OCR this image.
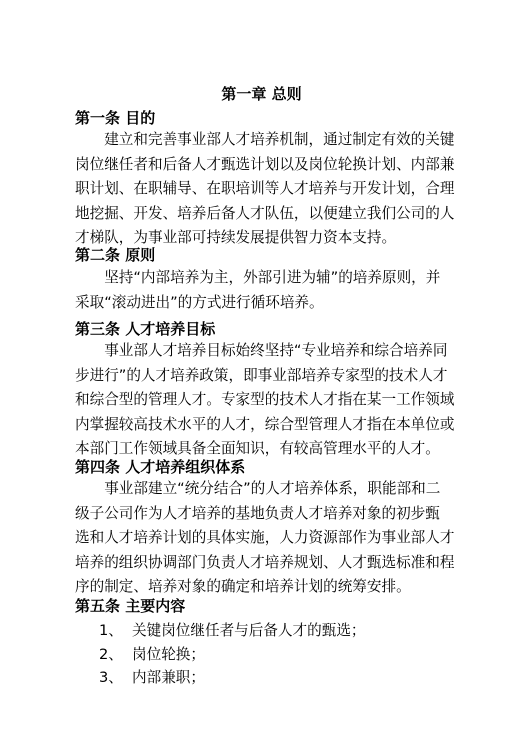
第一章 总则
第一条 目的
　　建立和完善事业部人才培养机制，通过制定有效的关键
岗位继任者和后备人才甄选计划以及岗位轮换计划、内部兼
职计划、在职辅导、在职培训等人才培养与开发计划，合理
地挖掘、开发、培养后备人才队伍，以便建立我们公司的人
才梯队，为事业部可持续发展提供智力资本支持。
第二条 原则
　　坚持“内部培养为主，外部引进为辅”的培养原则，并
采取“滚动进出”的方式进行循环培养。
第三条 人才培养目标
　　事业部人才培养目标始终坚持“专业培养和综合培养同
步进行”的人才培养政策，即事业部培养专家型的技术人才
和综合型的管理人才。专家型的技术人才指在某一工作领域
内掌握较高技术水平的人才，综合型管理人才指在本单位或
本部门工作领域具备全面知识，有较高管理水平的人才。
第四条 人才培养组织体系
　　事业部建立“统分结合”的人才培养体系，职能部和二
级子公司作为人才培养的基地负责人才培养对象的初步甄
选和人才培养计划的具体实施，人力资源部作为事业部人才
培养的组织协调部门负责人才培养规划、人才甄选标准和程
序的制定、培养对象的确定和培养计划的统筹安排。
第五条 主要内容
1、 关键岗位继任者与后备人才的甄选；
2、 岗位轮换；
3、 内部兼职；
